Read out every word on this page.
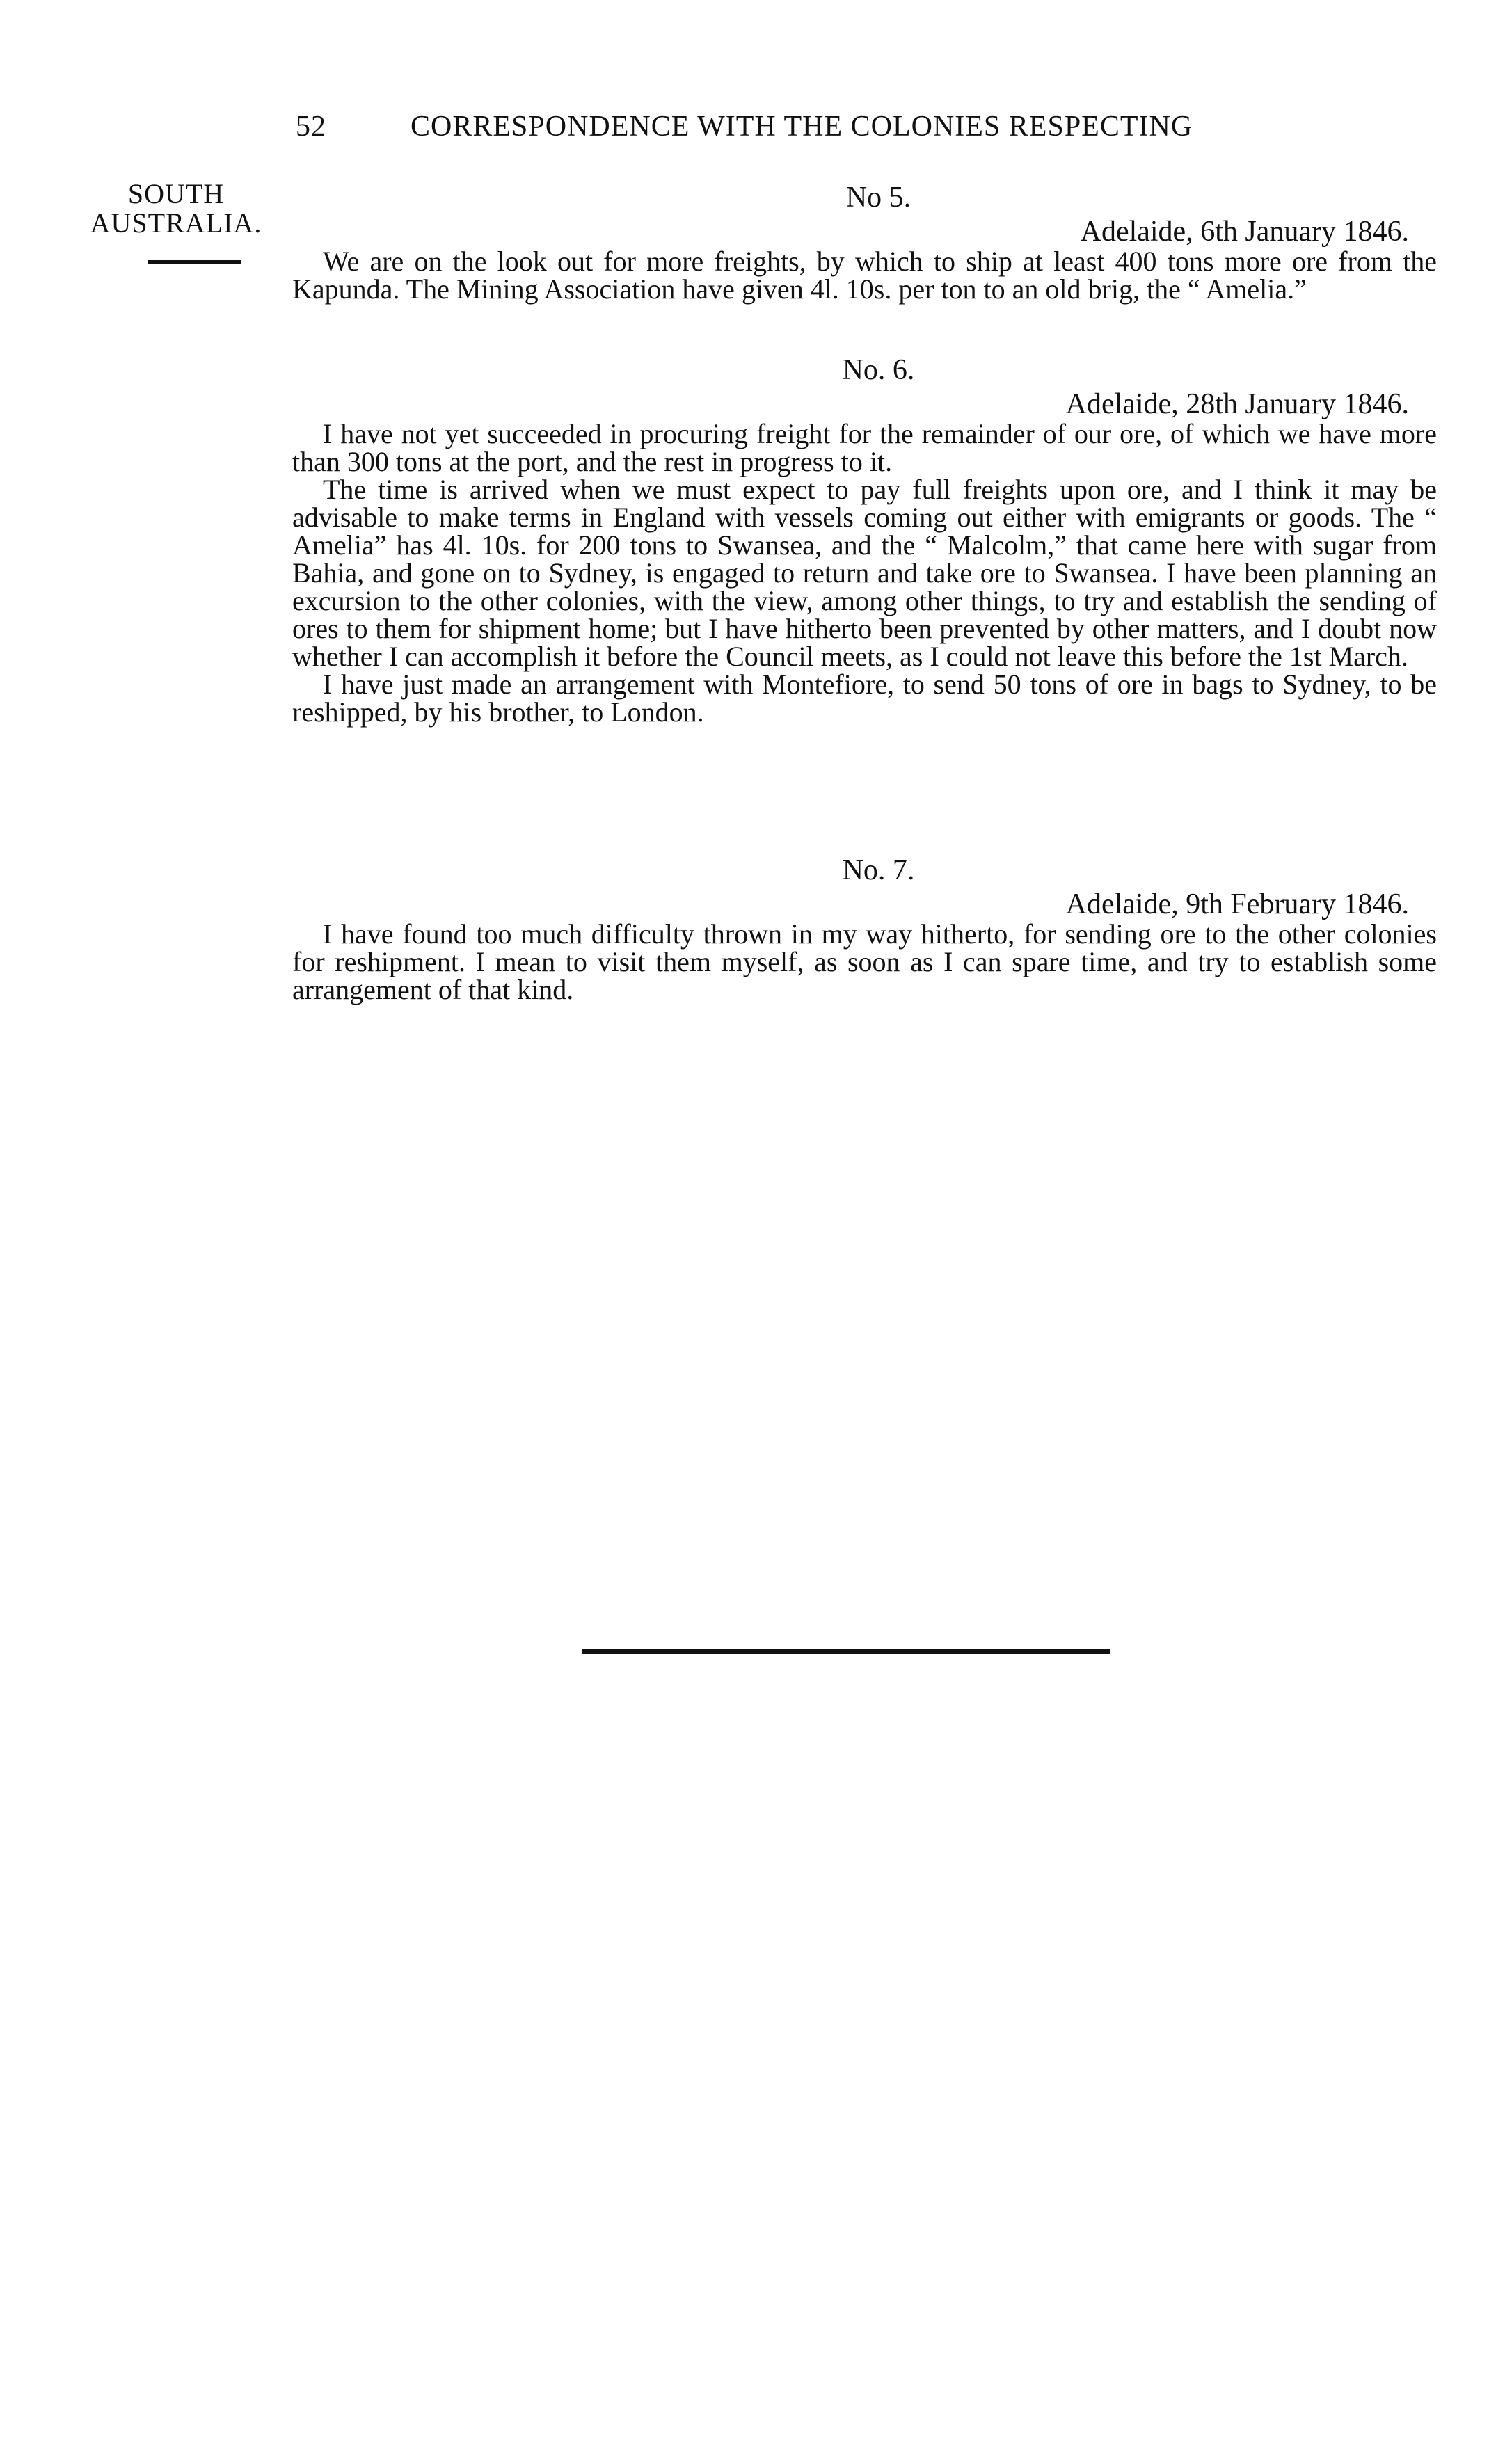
52	CORRESPONDENCE WITH THE COLONIES RESPECTING
SOUTH
AUSTRALIA.
No 5.
Adelaide, 6th January 1846.

We are on the look out for more freights, by which to ship at least 400 tons more ore from the Kapunda. The Mining Association have given 4l. 10s. per ton to an old brig, the “ Amelia.”

No. 6.
Adelaide, 28th January 1846.

I have not yet succeeded in procuring freight for the remainder of our ore, of which we have more than 300 tons at the port, and the rest in progress to it.

The time is arrived when we must expect to pay full freights upon ore, and I think it may be advisable to make terms in England with vessels coming out either with emigrants or goods. The “ Amelia” has 4l. 10s. for 200 tons to Swansea, and the “ Malcolm,” that came here with sugar from Bahia, and gone on to Sydney, is engaged to return and take ore to Swansea. I have been planning an excursion to the other colonies, with the view, among other things, to try and establish the sending of ores to them for shipment home; but I have hitherto been prevented by other matters, and I doubt now whether I can accomplish it before the Council meets, as I could not leave this before the 1st March.

I have just made an arrangement with Montefiore, to send 50 tons of ore in bags to Sydney, to be reshipped, by his brother, to London.

No. 7.
Adelaide, 9th February 1846.

I have found too much difficulty thrown in my way hitherto, for sending ore to the other colonies for reshipment. I mean to visit them myself, as soon as I can spare time, and try to establish some arrangement of that kind.
